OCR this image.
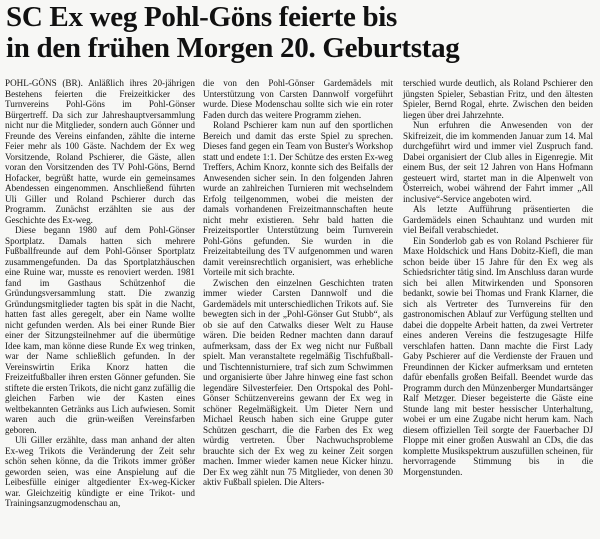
SC Ex weg Pohl-Göns feierte bis
in den frühen Morgen 20. Geburtstag

POHL-GÖNS (BR). Anläßlich ihres 20-jährigen Bestehens feierten die Freizeitkicker des Turnvereins Pohl-Göns im Pohl-Gönser Bürgertreff. Da sich zur Jahreshauptversammlung nicht nur die Mitglieder, sondern auch Gönner und Freunde des Vereins einfanden, zählte die interne Feier mehr als 100 Gäste. Nachdem der Ex weg Vorsitzende, Roland Pschierer, die Gäste, allen voran den Vorsitzenden des TV Pohl-Göns, Bernd Hofacker, begrüßt hatte, wurde ein gemeinsames Abendessen eingenommen. Anschließend führten Uli Giller und Roland Pschierer durch das Programm. Zunächst erzählten sie aus der Geschichte des Ex-weg.

Diese begann 1980 auf dem Pohl-Gönser Sportplatz. Damals hatten sich mehrere Fußballfreunde auf dem Pohl-Gönser Sportplatz zusammengefunden. Da das Sportplatzhäuschen eine Ruine war, musste es renoviert werden. 1981 fand im Gasthaus Schützenhof die Gründungsversammlung statt. Die zwanzig Gründungsmitglieder tagten bis spät in die Nacht, hatten fast alles geregelt, aber ein Name wollte nicht gefunden werden. Als bei einer Runde Bier einer der Sitzungsteilnehmer auf die übermütige Idee kam, man könne diese Runde Ex weg trinken, war der Name schließlich gefunden. In der Vereinswirtin Erika Knorz hatten die Freizeitfußballer ihren ersten Gönner gefunden. Sie stiftete die ersten Trikots, die nicht ganz zufällig die gleichen Farben wie der Kasten eines weltbekannten Getränks aus Lich aufwiesen. Somit waren auch die grün-weißen Vereinsfarben geboren.

Uli Giller erzählte, dass man anhand der alten Ex-weg Trikots die Veränderung der Zeit sehr schön sehen könne, da die Trikots immer größer geworden seien, was eine Anspielung auf die Leibesfülle einiger altgedienter Ex-weg-Kicker war. Gleichzeitig kündigte er eine Trikot- und Trainingsanzugmodenschau an,

die von den Pohl-Gönser Gardemädels mit Unterstützung von Carsten Dannwolf vorgeführt wurde. Diese Modenschau sollte sich wie ein roter Faden durch das weitere Programm ziehen.

Roland Pschierer kam nun auf den sportlichen Bereich und damit das erste Spiel zu sprechen. Dieses fand gegen ein Team von Buster's Workshop statt und endete 1:1. Der Schütze des ersten Ex-weg Treffers, Achim Knorz, konnte sich des Beifalls der Anwesenden sicher sein. In den folgenden Jahren wurde an zahlreichen Turnieren mit wechselndem Erfolg teilgenommen, wobei die meisten der damals vorhandenen Freizeitmannschaften heute nicht mehr existieren. Sehr bald hatten die Freizeitsportler Unterstützung beim Turnverein Pohl-Göns gefunden. Sie wurden in die Freizeitabteilung des TV aufgenommen und waren damit vereinsrechtlich organisiert, was erhebliche Vorteile mit sich brachte.

Zwischen den einzelnen Geschichten traten immer wieder Carsten Dannwolf und die Gardemädels mit unterschiedlichen Trikots auf. Sie bewegten sich in der „Pohl-Gönser Gut Stubb“, als ob sie auf den Catwalks dieser Welt zu Hause wären. Die beiden Redner machten dann darauf aufmerksam, dass der Ex weg nicht nur Fußball spielt. Man veranstaltete regelmäßig Tischfußball- und Tischtennisturniere, traf sich zum Schwimmen und organisierte über Jahre hinweg eine fast schon legendäre Silvesterfeier. Den Ortspokal des Pohl-Gönser Schützenvereins gewann der Ex weg in schöner Regelmäßigkeit. Um Dieter Nern und Michael Reusch haben sich eine Gruppe guter Schützen gescharrt, die die Farben des Ex weg würdig vertreten. Über Nachwuchsprobleme brauchte sich der Ex weg zu keiner Zeit sorgen machen. Immer wieder kamen neue Kicker hinzu. Der Ex weg zählt nun 75 Mitglieder, von denen 30 aktiv Fußball spielen. Die Alters-

terschied wurde deutlich, als Roland Pschierer den jüngsten Spieler, Sebastian Fritz, und den ältesten Spieler, Bernd Rogal, ehrte. Zwischen den beiden liegen über drei Jahrzehnte.

Nun erfuhren die Anwesenden von der Skifreizeit, die im kommenden Januar zum 14. Mal durchgeführt wird und immer viel Zuspruch fand. Dabei organisiert der Club alles in Eigenregie. Mit einem Bus, der seit 12 Jahren von Hans Hofmann gesteuert wird, startet man in die Alpenwelt von Österreich, wobei während der Fahrt immer „All inclusive“-Service angeboten wird.

Als letzte Aufführung präsentierten die Gardemädels einen Schauhtanz und wurden mit viel Beifall verabschiedet.

Ein Sonderlob gab es von Roland Pschierer für Maxe Holdschick und Hans Dobitz-Kiefl, die man schon beide über 15 Jahre für den Ex weg als Schiedsrichter tätig sind. Im Anschluss daran wurde sich bei allen Mitwirkenden und Sponsoren bedankt, sowie bei Thomas und Frank Klarner, die sich als Vertreter des Turnvereins für den gastronomischen Ablauf zur Verfügung stellten und dabei die doppelte Arbeit hatten, da zwei Vertreter eines anderen Vereins die festzugesagte Hilfe verschlafen hatten. Dann machte die First Lady Gaby Pschierer auf die Verdienste der Frauen und Freundinnen der Kicker aufmerksam und ernteten dafür ebenfalls großen Beifall. Beendet wurde das Programm durch den Münzenberger Mundartsänger Ralf Metzger. Dieser begeisterte die Gäste eine Stunde lang mit bester hessischer Unterhaltung, wobei er um eine Zugabe nicht herum kam. Nach diesem offiziellen Teil sorgte der Fauerbacher DJ Floppe mit einer großen Auswahl an CDs, die das komplette Musikspektrum auszufüllen scheinen, für hervorragende Stimmung bis in die Morgenstunden.
